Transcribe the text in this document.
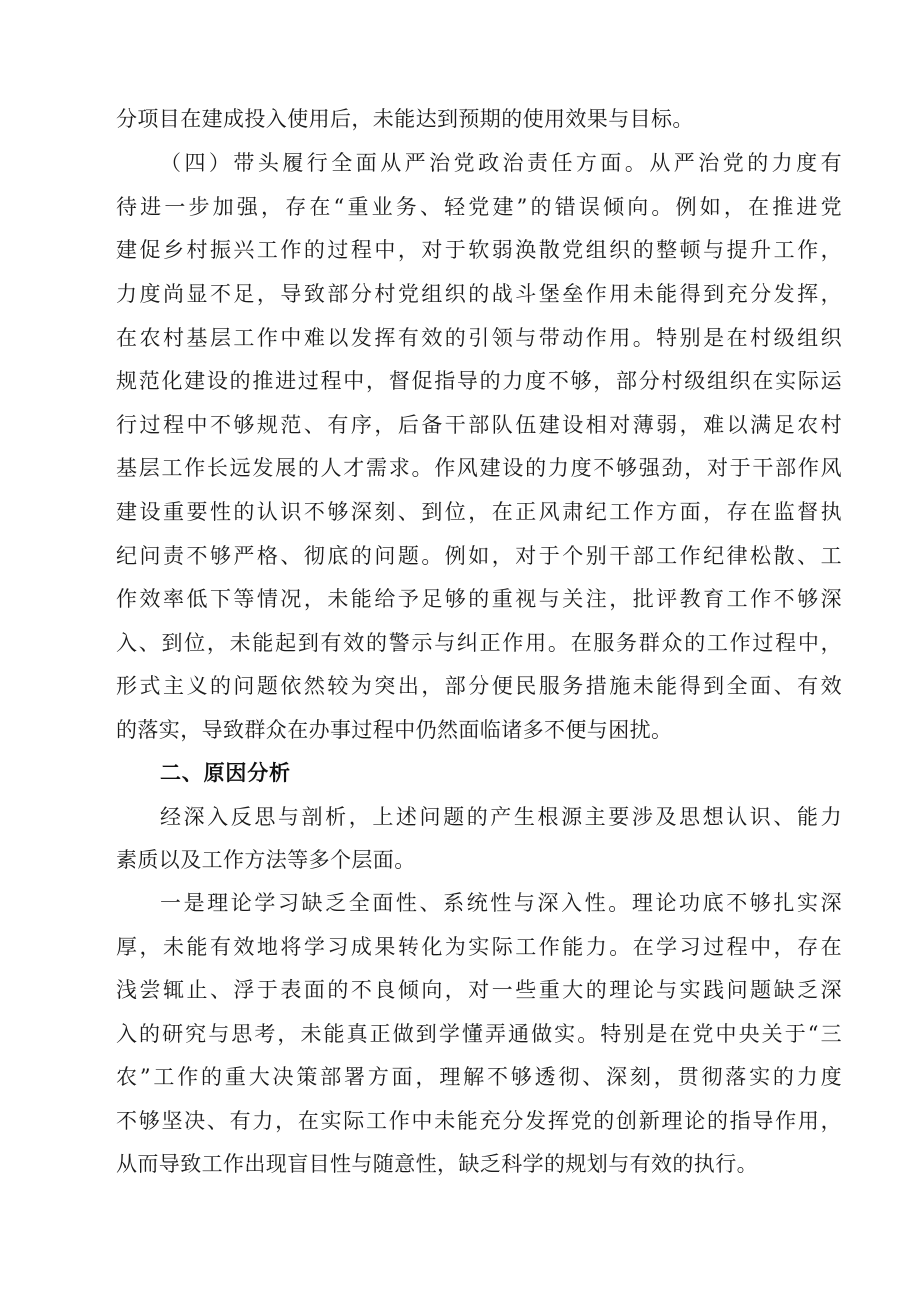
分项目在建成投入使用后，未能达到预期的使用效果与目标。
（四）带头履行全面从严治党政治责任方面。从严治党的力度有
待进一步加强，存在“重业务、轻党建”的错误倾向。例如，在推进党
建促乡村振兴工作的过程中，对于软弱涣散党组织的整顿与提升工作，
力度尚显不足，导致部分村党组织的战斗堡垒作用未能得到充分发挥，
在农村基层工作中难以发挥有效的引领与带动作用。特别是在村级组织
规范化建设的推进过程中，督促指导的力度不够，部分村级组织在实际运
行过程中不够规范、有序，后备干部队伍建设相对薄弱，难以满足农村
基层工作长远发展的人才需求。作风建设的力度不够强劲，对于干部作风
建设重要性的认识不够深刻、到位，在正风肃纪工作方面，存在监督执
纪问责不够严格、彻底的问题。例如，对于个别干部工作纪律松散、工
作效率低下等情况，未能给予足够的重视与关注，批评教育工作不够深
入、到位，未能起到有效的警示与纠正作用。在服务群众的工作过程中，
形式主义的问题依然较为突出，部分便民服务措施未能得到全面、有效
的落实，导致群众在办事过程中仍然面临诸多不便与困扰。
二、原因分析
经深入反思与剖析，上述问题的产生根源主要涉及思想认识、能力
素质以及工作方法等多个层面。
一是理论学习缺乏全面性、系统性与深入性。理论功底不够扎实深
厚，未能有效地将学习成果转化为实际工作能力。在学习过程中，存在
浅尝辄止、浮于表面的不良倾向，对一些重大的理论与实践问题缺乏深
入的研究与思考，未能真正做到学懂弄通做实。特别是在党中央关于“三
农”工作的重大决策部署方面，理解不够透彻、深刻，贯彻落实的力度
不够坚决、有力，在实际工作中未能充分发挥党的创新理论的指导作用，
从而导致工作出现盲目性与随意性，缺乏科学的规划与有效的执行。
